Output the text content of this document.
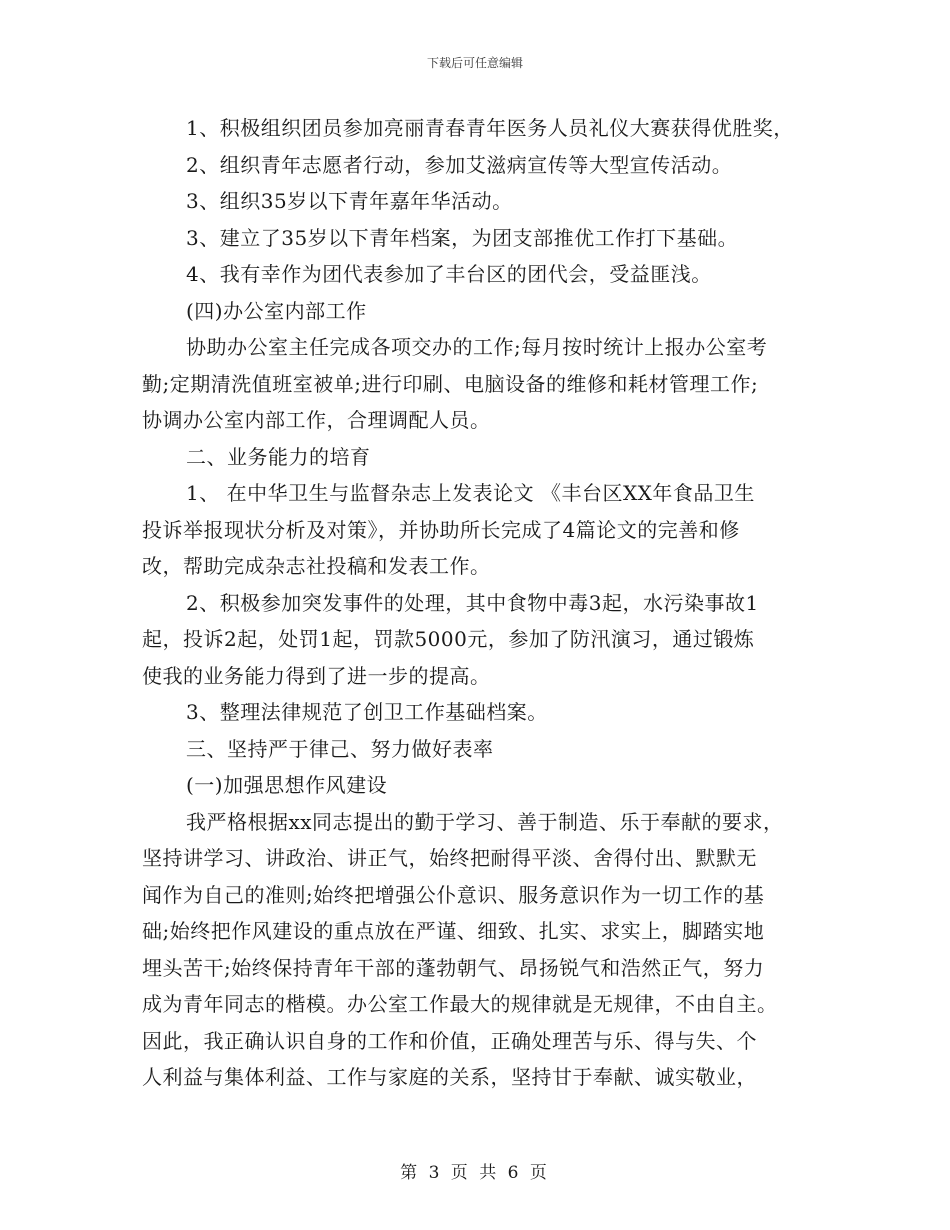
下载后可任意编辑
1、积极组织团员参加亮丽青春青年医务人员礼仪大赛获得优胜奖，
2、组织青年志愿者行动，参加艾滋病宣传等大型宣传活动。
3、组织35岁以下青年嘉年华活动。
3、建立了35岁以下青年档案，为团支部推优工作打下基础。
4、我有幸作为团代表参加了丰台区的团代会，受益匪浅。
(四)办公室内部工作
协助办公室主任完成各项交办的工作;每月按时统计上报办公室考
勤;定期清洗值班室被单;进行印刷、电脑设备的维修和耗材管理工作;
协调办公室内部工作，合理调配人员。
二、业务能力的培育
1、 在中华卫生与监督杂志上发表论文 《丰台区XX年食品卫生
投诉举报现状分析及对策》，并协助所长完成了4篇论文的完善和修
改，帮助完成杂志社投稿和发表工作。
2、积极参加突发事件的处理，其中食物中毒3起，水污染事故1
起，投诉2起，处罚1起，罚款5000元，参加了防汛演习，通过锻炼
使我的业务能力得到了进一步的提高。
3、整理法律规范了创卫工作基础档案。
三、坚持严于律己、努力做好表率
(一)加强思想作风建设
我严格根据xx同志提出的勤于学习、善于制造、乐于奉献的要求，
坚持讲学习、讲政治、讲正气，始终把耐得平淡、舍得付出、默默无
闻作为自己的准则;始终把增强公仆意识、服务意识作为一切工作的基
础;始终把作风建设的重点放在严谨、细致、扎实、求实上，脚踏实地
埋头苦干;始终保持青年干部的蓬勃朝气、昂扬锐气和浩然正气，努力
成为青年同志的楷模。办公室工作最大的规律就是无规律，不由自主。
因此，我正确认识自身的工作和价值，正确处理苦与乐、得与失、个
人利益与集体利益、工作与家庭的关系，坚持甘于奉献、诚实敬业，
第 3 页 共 6 页
